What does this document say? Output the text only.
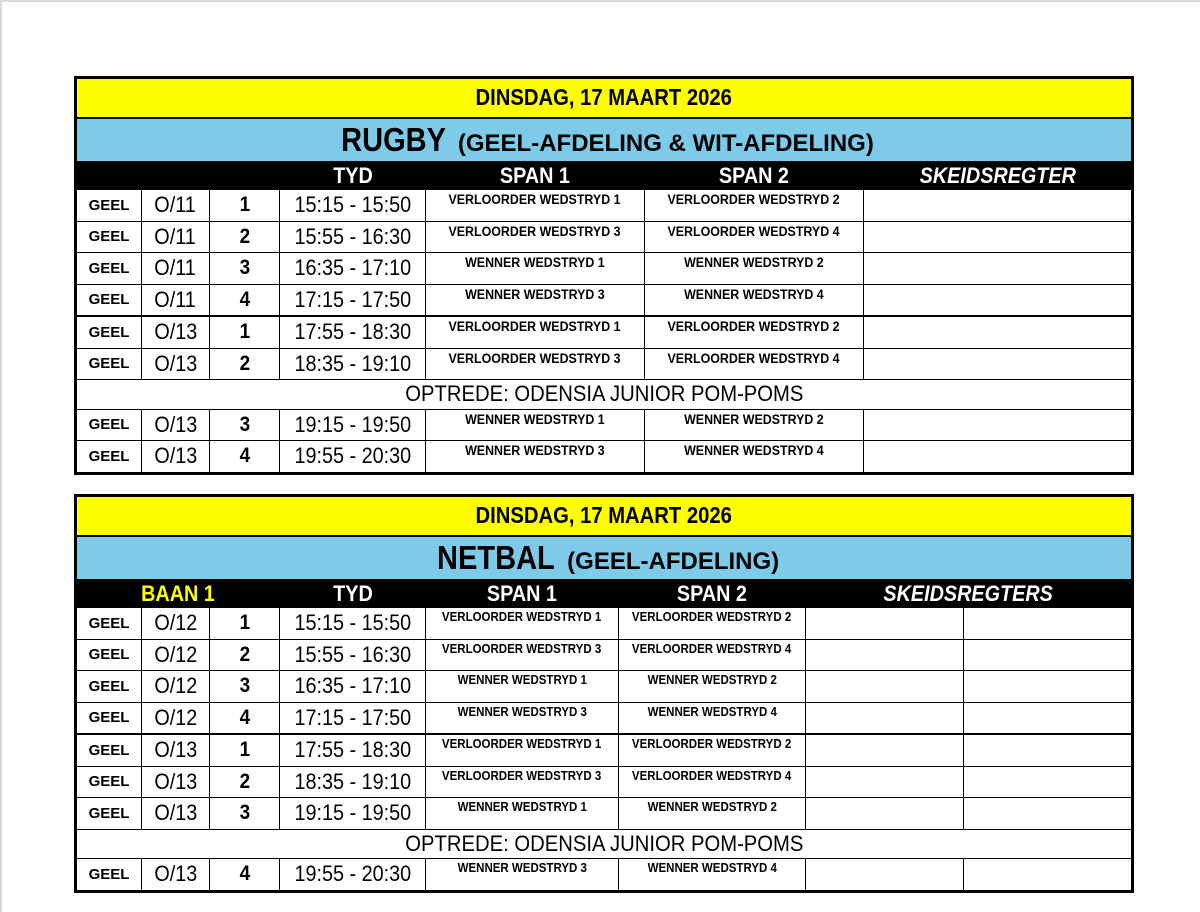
DINSDAG, 17 MAART 2026						
RUGBY (GEEL-AFDELING & WIT-AFDELING)						
			TYD	SPAN 1	SPAN 2	SKEIDSREGTER
GEEL	O/11	1	15:15 - 15:50	VERLOORDER WEDSTRYD 1	VERLOORDER WEDSTRYD 2	
GEEL	O/11	2	15:55 - 16:30	VERLOORDER WEDSTRYD 3	VERLOORDER WEDSTRYD 4	
GEEL	O/11	3	16:35 - 17:10	WENNER WEDSTRYD 1	WENNER WEDSTRYD 2	
GEEL	O/11	4	17:15 - 17:50	WENNER WEDSTRYD 3	WENNER WEDSTRYD 4	
GEEL	O/13	1	17:55 - 18:30	VERLOORDER WEDSTRYD 1	VERLOORDER WEDSTRYD 2	
GEEL	O/13	2	18:35 - 19:10	VERLOORDER WEDSTRYD 3	VERLOORDER WEDSTRYD 4	
OPTREDE: ODENSIA JUNIOR POM-POMS						
GEEL	O/13	3	19:15 - 19:50	WENNER WEDSTRYD 1	WENNER WEDSTRYD 2	
GEEL	O/13	4	19:55 - 20:30	WENNER WEDSTRYD 3	WENNER WEDSTRYD 4	
DINSDAG, 17 MAART 2026							
NETBAL (GEEL-AFDELING)							
BAAN 1			TYD	SPAN 1	SPAN 2	SKEIDSREGTERS	
GEEL	O/12	1	15:15 - 15:50	VERLOORDER WEDSTRYD 1	VERLOORDER WEDSTRYD 2		
GEEL	O/12	2	15:55 - 16:30	VERLOORDER WEDSTRYD 3	VERLOORDER WEDSTRYD 4		
GEEL	O/12	3	16:35 - 17:10	WENNER WEDSTRYD 1	WENNER WEDSTRYD 2		
GEEL	O/12	4	17:15 - 17:50	WENNER WEDSTRYD 3	WENNER WEDSTRYD 4		
GEEL	O/13	1	17:55 - 18:30	VERLOORDER WEDSTRYD 1	VERLOORDER WEDSTRYD 2		
GEEL	O/13	2	18:35 - 19:10	VERLOORDER WEDSTRYD 3	VERLOORDER WEDSTRYD 4		
GEEL	O/13	3	19:15 - 19:50	WENNER WEDSTRYD 1	WENNER WEDSTRYD 2		
OPTREDE: ODENSIA JUNIOR POM-POMS							
GEEL	O/13	4	19:55 - 20:30	WENNER WEDSTRYD 3	WENNER WEDSTRYD 4		
